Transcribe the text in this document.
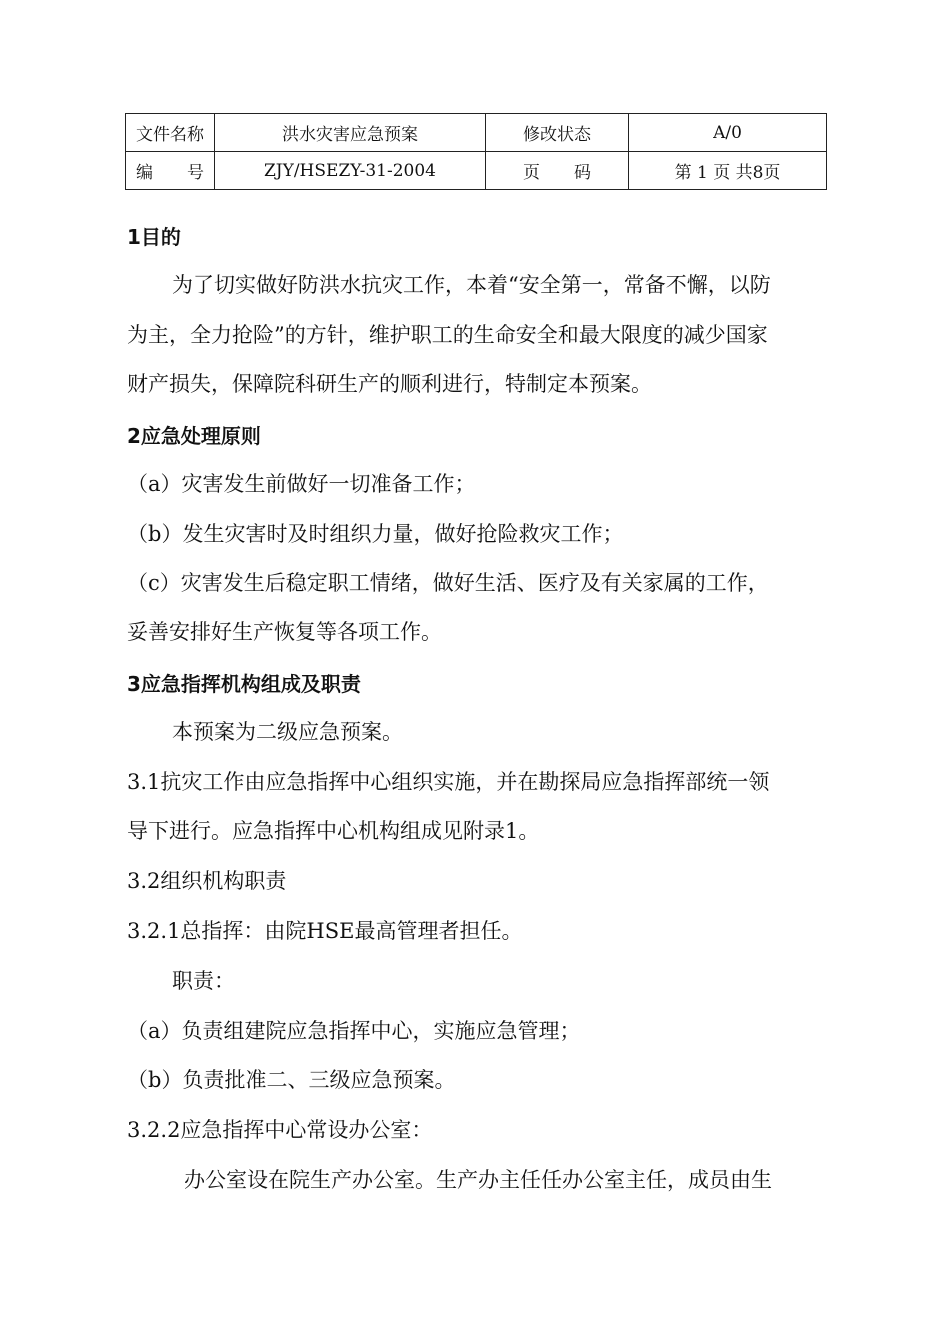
文件名称	洪水灾害应急预案	修改状态	A/0
编　　号	ZJY/HSEZY-31-2004	页　　码	第 1 页 共8页
1目的
为了切实做好防洪水抗灾工作，本着“安全第一，常备不懈，以防
为主，全力抢险”的方针，维护职工的生命安全和最大限度的减少国家
财产损失，保障院科研生产的顺利进行，特制定本预案。
2应急处理原则
（a）灾害发生前做好一切准备工作；
（b）发生灾害时及时组织力量，做好抢险救灾工作；
（c）灾害发生后稳定职工情绪，做好生活、医疗及有关家属的工作，
妥善安排好生产恢复等各项工作。
3应急指挥机构组成及职责
本预案为二级应急预案。
3.1抗灾工作由应急指挥中心组织实施，并在勘探局应急指挥部统一领
导下进行。应急指挥中心机构组成见附录1。
3.2组织机构职责
3.2.1总指挥：由院HSE最高管理者担任。
职责：
（a）负责组建院应急指挥中心，实施应急管理；
（b）负责批准二、三级应急预案。
3.2.2应急指挥中心常设办公室：
办公室设在院生产办公室。生产办主任任办公室主任，成员由生
